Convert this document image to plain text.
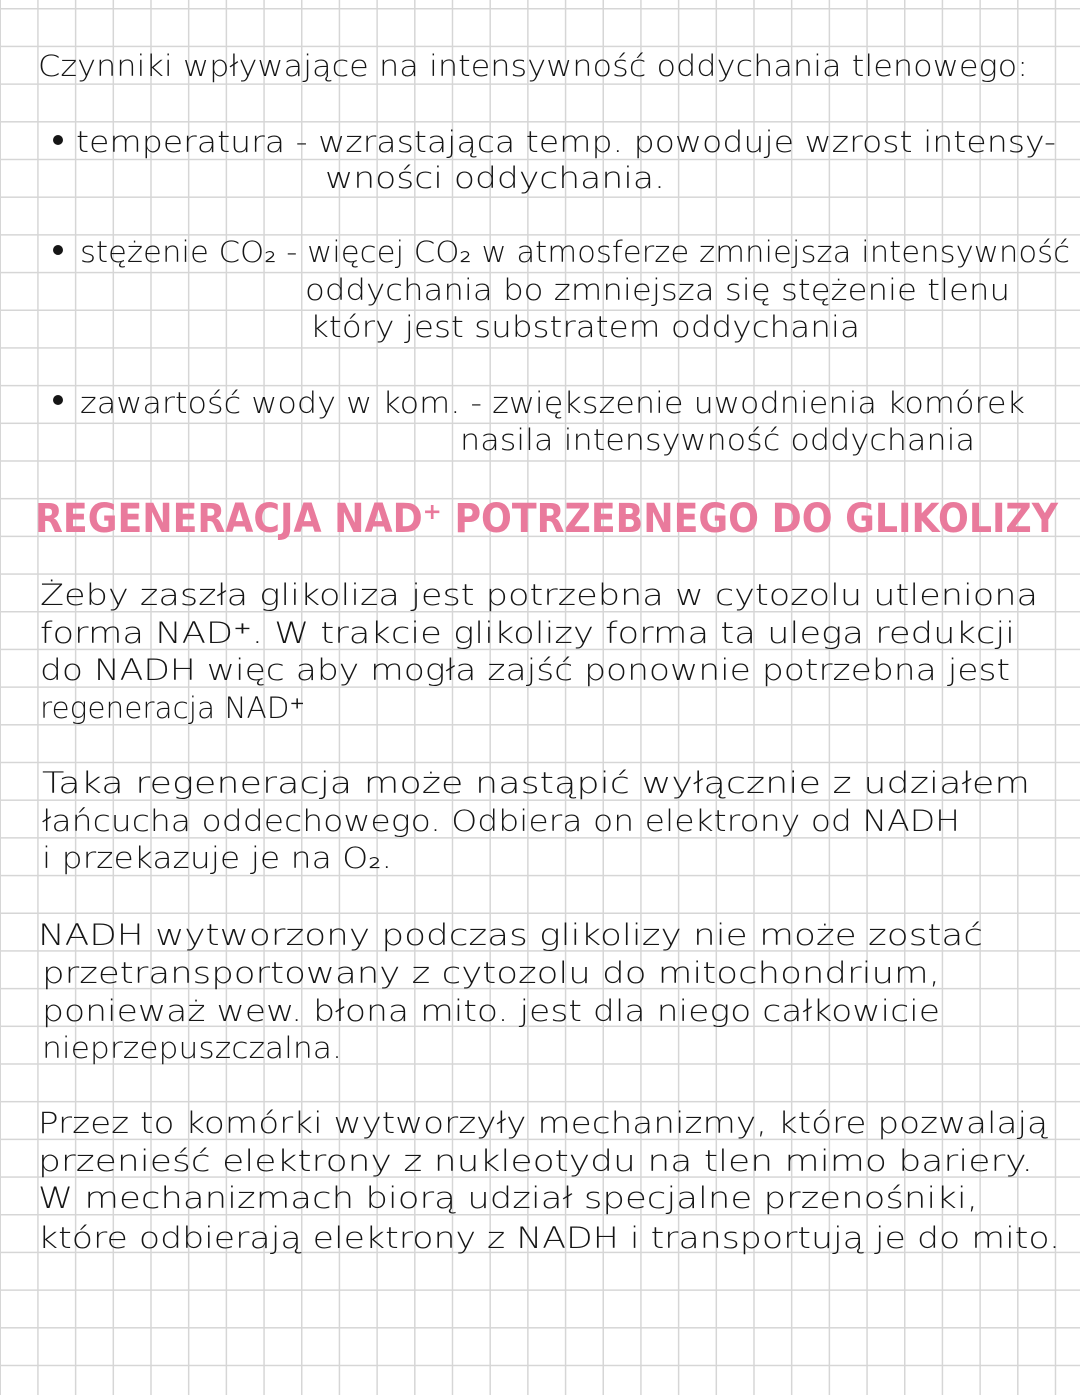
Czynniki wpływające na intensywność oddychania tlenowego:
temperatura - wzrastająca temp. powoduje wzrost intensy-
wności oddychania.
stężenie CO₂ - więcej CO₂ w atmosferze zmniejsza intensywność
oddychania bo zmniejsza się stężenie tlenu
który jest substratem oddychania
zawartość wody w kom. - zwiększenie uwodnienia komórek
nasila intensywność oddychania
REGENERACJA NAD⁺ POTRZEBNEGO DO GLIKOLIZY
Żeby zaszła glikoliza jest potrzebna w cytozolu utleniona
forma NAD⁺. W trakcie glikolizy forma ta ulega redukcji
do NADH więc aby mogła zajść ponownie potrzebna jest
regeneracja NAD⁺
Taka regeneracja może nastąpić wyłącznie z udziałem
łańcucha oddechowego. Odbiera on elektrony od NADH
i przekazuje je na O₂.
NADH wytworzony podczas glikolizy nie może zostać
przetransportowany z cytozolu do mitochondrium,
ponieważ wew. błona mito. jest dla niego całkowicie
nieprzepuszczalna.
Przez to komórki wytworzyły mechanizmy, które pozwalają
przenieść elektrony z nukleotydu na tlen mimo bariery.
W mechanizmach biorą udział specjalne przenośniki,
które odbierają elektrony z NADH i transportują je do mito.
